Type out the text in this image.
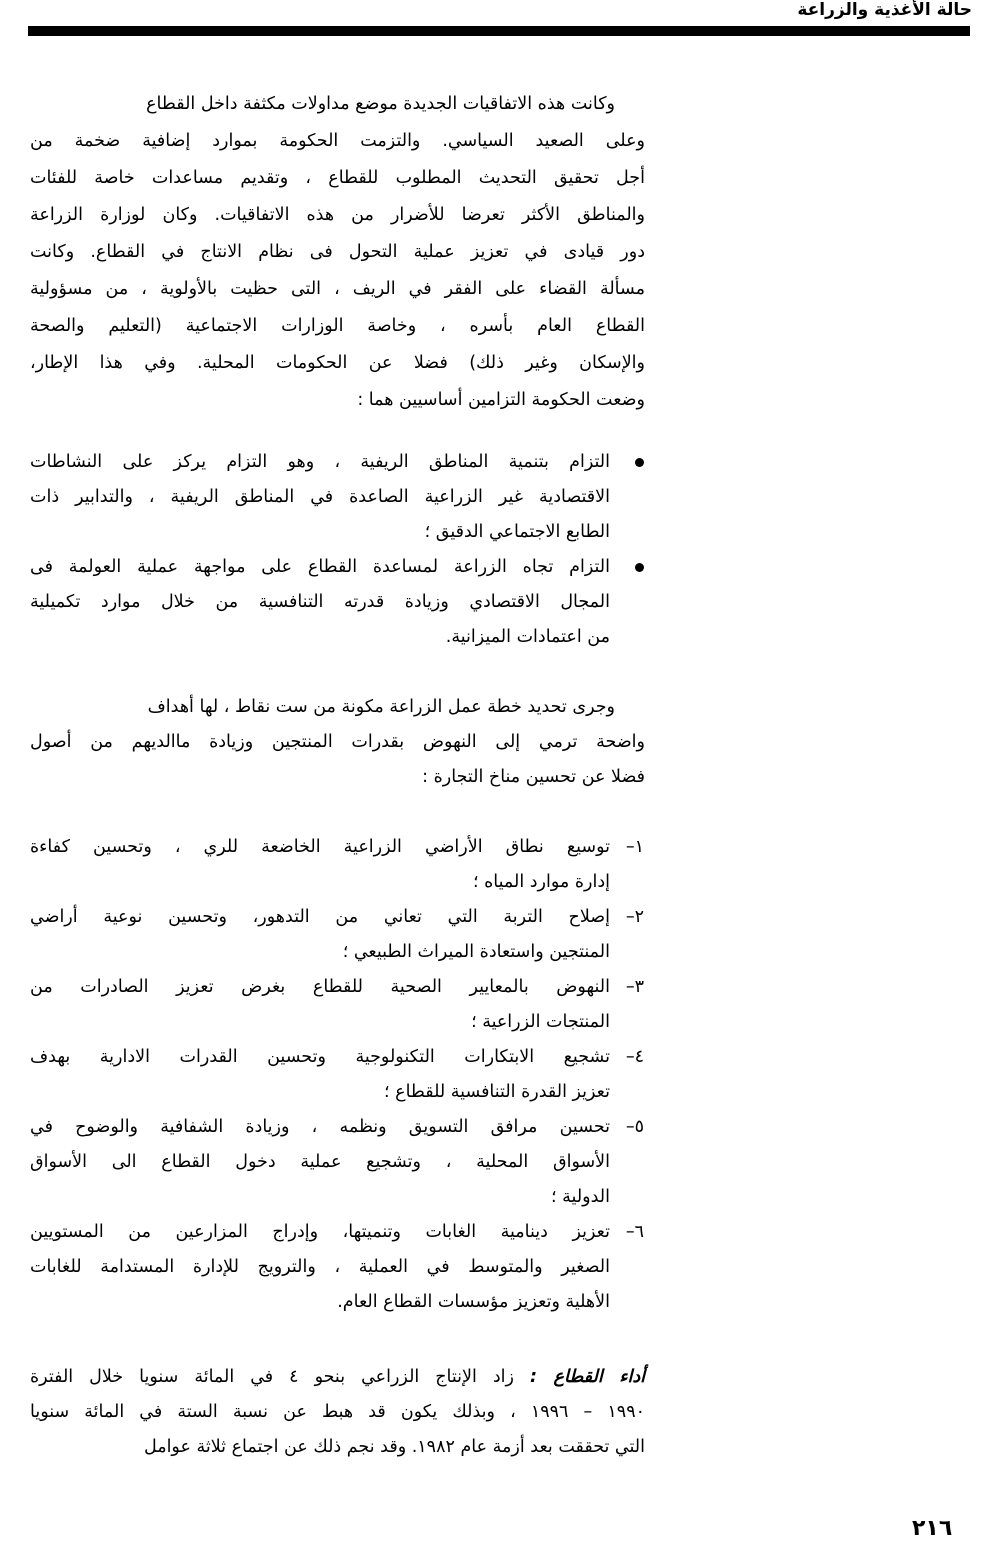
حالة الأغذية والزراعة
وكانت هذه الاتفاقيات الجديدة موضع مداولات مكثفة داخل القطاع
وعلى الصعيد السياسي. والتزمت الحكومة بموارد إضافية ضخمة من
أجل تحقيق التحديث المطلوب للقطاع ، وتقديم مساعدات خاصة للفئات
والمناطق الأكثر تعرضا للأضرار من هذه الاتفاقيات. وكان لوزارة الزراعة
دور قيادى في تعزيز عملية التحول فى نظام الانتاج في القطاع. وكانت
مسألة القضاء على الفقر في الريف ، التى حظيت بالأولوية ، من مسؤولية
القطاع العام بأسره ، وخاصة الوزارات الاجتماعية (التعليم والصحة
والإسكان وغير ذلك) فضلا عن الحكومات المحلية. وفي هذا الإطار،
وضعت الحكومة التزامين أساسيين هما :
التزام بتنمية المناطق الريفية ، وهو التزام يركز على النشاطات
الاقتصادية غير الزراعية الصاعدة في المناطق الريفية ، والتدابير ذات
الطابع الاجتماعي الدقيق ؛
التزام تجاه الزراعة لمساعدة القطاع على مواجهة عملية العولمة فى
المجال الاقتصادي وزيادة قدرته التنافسية من خلال موارد تكميلية
من اعتمادات الميزانية.
وجرى تحديد خطة عمل الزراعة مكونة من ست نقاط ، لها أهداف
واضحة ترمي إلى النهوض بقدرات المنتجين وزيادة ماالديهم من أصول
فضلا عن تحسين مناخ التجارة :
١–
توسيع نطاق الأراضي الزراعية الخاضعة للري ، وتحسين كفاءة
إدارة موارد المياه ؛
٢–
إصلاح التربة التي تعاني من التدهور، وتحسين نوعية أراضي
المنتجين واستعادة الميراث الطبيعي ؛
٣–
النهوض بالمعايير الصحية للقطاع بغرض تعزيز الصادرات من
المنتجات الزراعية ؛
٤–
تشجيع الابتكارات التكنولوجية وتحسين القدرات الادارية بهدف
تعزيز القدرة التنافسية للقطاع ؛
٥–
تحسين مرافق التسويق ونظمه ، وزيادة الشفافية والوضوح في
الأسواق المحلية ، وتشجيع عملية دخول القطاع الى الأسواق
الدولية ؛
٦–
تعزيز دينامية الغابات وتنميتها، وإدراج المزارعين من المستويين
الصغير والمتوسط في العملية ، والترويج للإدارة المستدامة للغابات
الأهلية وتعزيز مؤسسات القطاع العام.
أداء القطاع : زاد الإنتاج الزراعي بنحو ٤ في المائة سنويا خلال الفترة
١٩٩٠ – ١٩٩٦ ، وبذلك يكون قد هبط عن نسبة الستة في المائة سنويا
التي تحققت بعد أزمة عام ١٩٨٢. وقد نجم ذلك عن اجتماع ثلاثة عوامل
٢١٦
